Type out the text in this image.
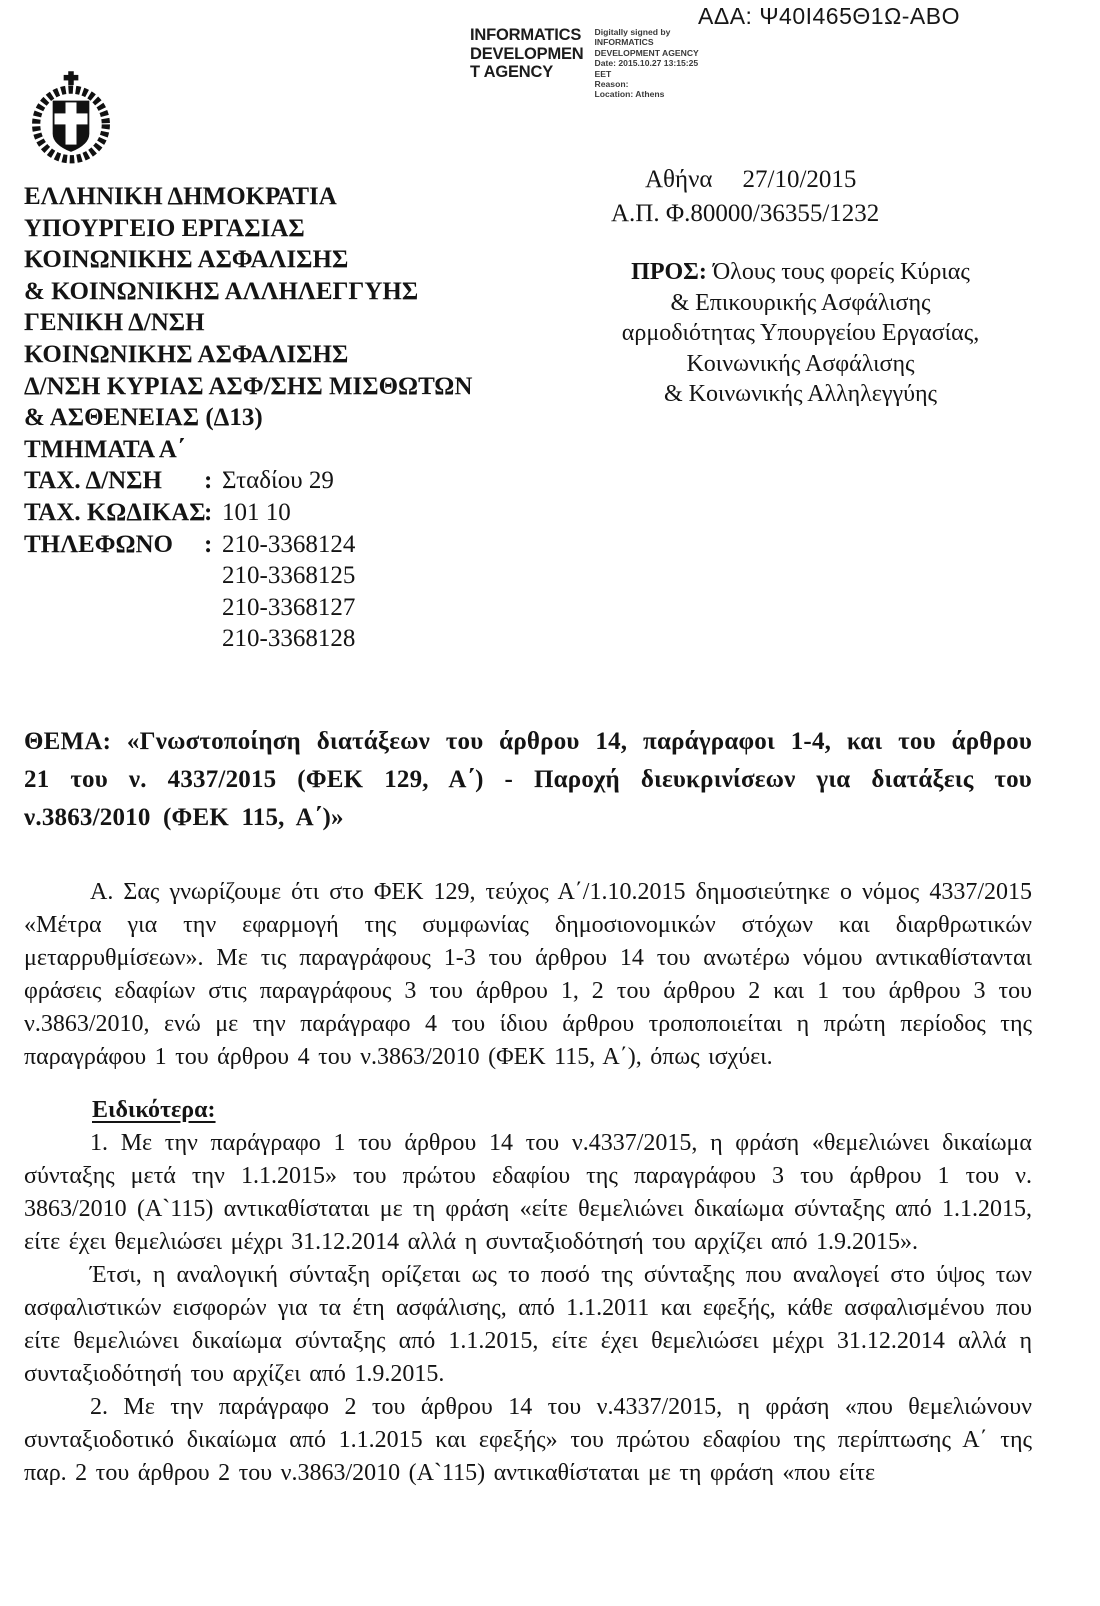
ΑΔΑ: Ψ40Ι465Θ1Ω-ΑΒΟ
INFORMATICS
DEVELOPMEN
T AGENCY
Digitally signed by
INFORMATICS
DEVELOPMENT AGENCY
Date: 2015.10.27 13:15:25
EET
Reason:
Location: Athens
ΕΛΛΗΝΙΚΗ ΔΗΜΟΚΡΑΤΙΑ
ΥΠΟΥΡΓΕΙΟ ΕΡΓΑΣΙΑΣ
ΚΟΙΝΩΝΙΚΗΣ ΑΣΦΑΛΙΣΗΣ
& ΚΟΙΝΩΝΙΚΗΣ ΑΛΛΗΛΕΓΓΥΗΣ
ΓΕΝΙΚΗ Δ/ΝΣΗ
ΚΟΙΝΩΝΙΚΗΣ ΑΣΦΑΛΙΣΗΣ
Δ/ΝΣΗ ΚΥΡΙΑΣ ΑΣΦ/ΣΗΣ ΜΙΣΘΩΤΩΝ
& ΑΣΘΕΝΕΙΑΣ (Δ13)
ΤΜΗΜΑΤΑ Α΄
ΤΑΧ. Δ/ΝΣΗ	: Σταδίου 29
ΤΑΧ. ΚΩΔΙΚΑΣ
: 101 10
ΤΗΛΕΦΩΝΟ	: 210-3368124
210-3368125
210-3368127
210-3368128
Αθήνα 27/10/2015
Α.Π. Φ.80000/36355/1232
ΠΡΟΣ: Όλους τους φορείς Κύριας
& Επικουρικής Ασφάλισης
αρμοδιότητας Υπουργείου Εργασίας,
Κοινωνικής Ασφάλισης
& Κοινωνικής Αλληλεγγύης
ΘΕΜΑ: «Γνωστοποίηση διατάξεων του άρθρου 14, παράγραφοι 1-4, και του άρθρου 21 του ν. 4337/2015 (ΦΕΚ 129, Α΄) - Παροχή διευκρινίσεων για διατάξεις του ν.3863/2010 (ΦΕΚ 115, Α΄)»

Α. Σας γνωρίζουμε ότι στο ΦΕΚ 129, τεύχος Α΄/1.10.2015 δημοσιεύτηκε ο νόμος 4337/2015 «Μέτρα για την εφαρμογή της συμφωνίας δημοσιονομικών στόχων και διαρθρωτικών μεταρρυθμίσεων». Με τις παραγράφους 1-3 του άρθρου 14 του ανωτέρω νόμου αντικαθίστανται φράσεις εδαφίων στις παραγράφους 3 του άρθρου 1, 2 του άρθρου 2 και 1 του άρθρου 3 του ν.3863/2010, ενώ με την παράγραφο 4 του ίδιου άρθρου τροποποιείται η πρώτη περίοδος της παραγράφου 1 του άρθρου 4 του ν.3863/2010 (ΦΕΚ 115, Α΄), όπως ισχύει.

Ειδικότερα:

1. Με την παράγραφο 1 του άρθρου 14 του ν.4337/2015, η φράση «θεμελιώνει δικαίωμα σύνταξης μετά την 1.1.2015» του πρώτου εδαφίου της παραγράφου 3 του άρθρου 1 του ν. 3863/2010 (Α`115) αντικαθίσταται με τη φράση «είτε θεμελιώνει δικαίωμα σύνταξης από 1.1.2015, είτε έχει θεμελιώσει μέχρι 31.12.2014 αλλά η συνταξιοδότησή του αρχίζει από 1.9.2015».

Έτσι, η αναλογική σύνταξη ορίζεται ως το ποσό της σύνταξης που αναλογεί στο ύψος των ασφαλιστικών εισφορών για τα έτη ασφάλισης, από 1.1.2011 και εφεξής, κάθε ασφαλισμένου που είτε θεμελιώνει δικαίωμα σύνταξης από 1.1.2015, είτε έχει θεμελιώσει μέχρι 31.12.2014 αλλά η συνταξιοδότησή του αρχίζει από 1.9.2015.

2. Με την παράγραφο 2 του άρθρου 14 του ν.4337/2015, η φράση «που θεμελιώνουν συνταξιοδοτικό δικαίωμα από 1.1.2015 και εφεξής» του πρώτου εδαφίου της περίπτωσης Α΄ της παρ. 2 του άρθρου 2 του ν.3863/2010 (Α`115) αντικαθίσταται με τη φράση «που είτε
